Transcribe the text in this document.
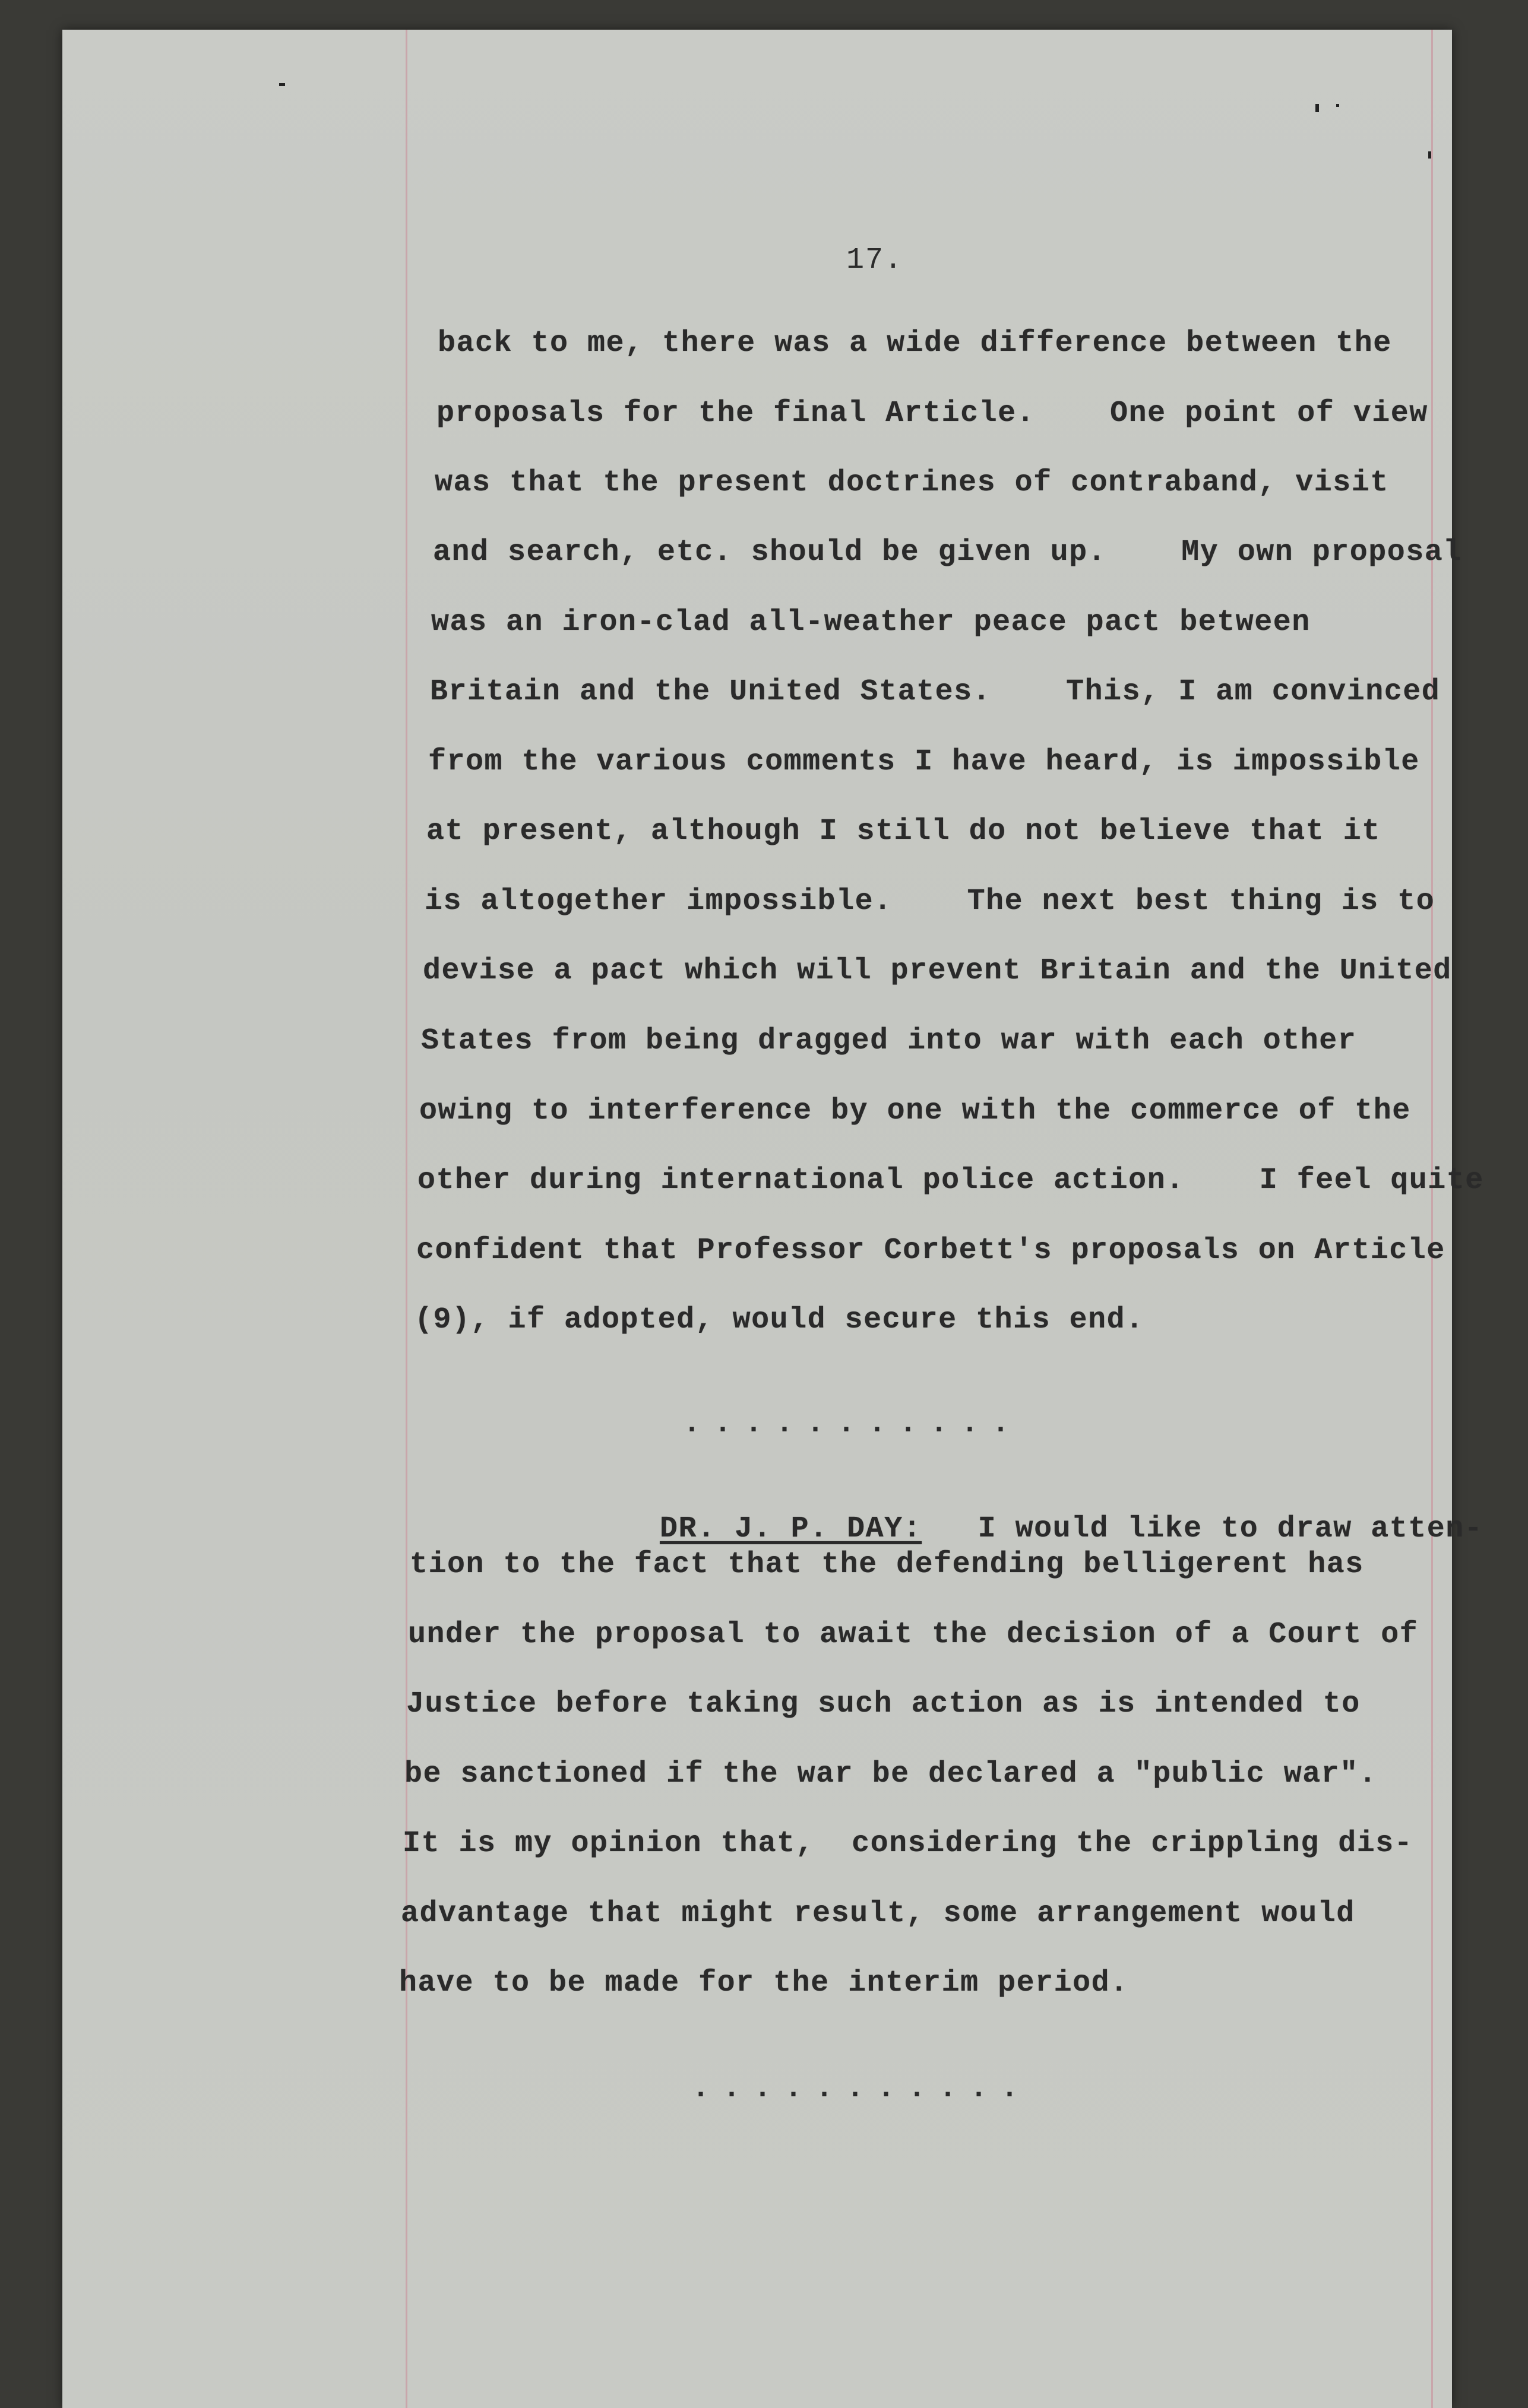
17.
back to me, there was a wide difference between the
proposals for the final Article.    One point of view
was that the present doctrines of contraband, visit
and search, etc. should be given up.    My own proposal
was an iron-clad all-weather peace pact between
Britain and the United States.    This, I am convinced
from the various comments I have heard, is impossible
at present, although I still do not believe that it
is altogether impossible.    The next best thing is to
devise a pact which will prevent Britain and the United
States from being dragged into war with each other
owing to interference by one with the commerce of the
other during international police action.    I feel quite
confident that Professor Corbett's proposals on Article
(9), if adopted, would secure this end.
...........

DR. J. P. DAY:   I would like to draw atten-

tion to the fact that the defending belligerent has
under the proposal to await the decision of a Court of
Justice before taking such action as is intended to
be sanctioned if the war be declared a "public war".
It is my opinion that,  considering the crippling dis-
advantage that might result, some arrangement would
have to be made for the interim period.
...........
